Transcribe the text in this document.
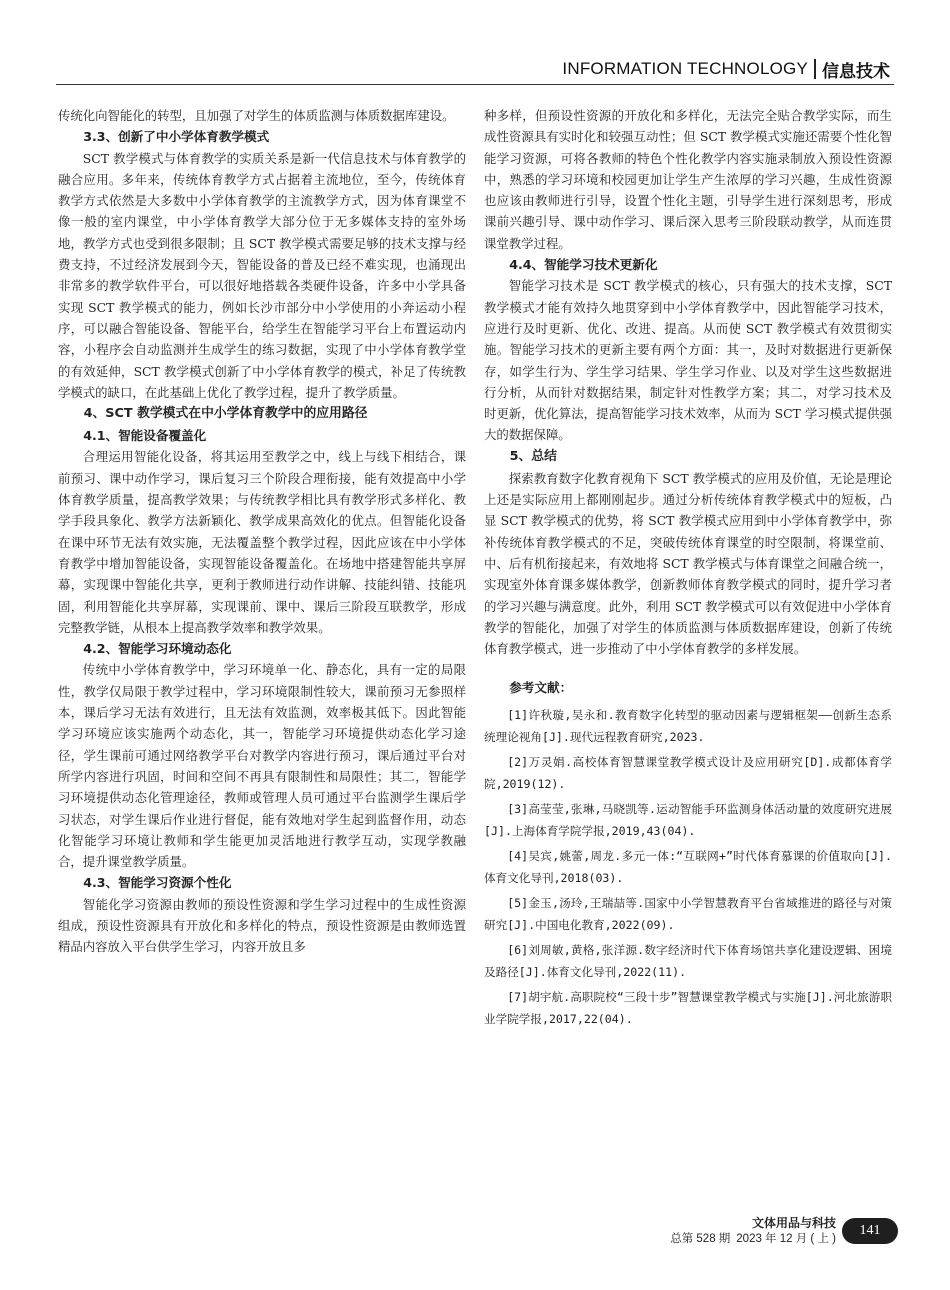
INFORMATION TECHNOLOGY 信息技术

传统化向智能化的转型，且加强了对学生的体质监测与体质数据库建设。

3.3、创新了中小学体育教学模式

SCT 教学模式与体育教学的实质关系是新一代信息技术与体育教学的融合应用。多年来，传统体育教学方式占据着主流地位，至今，传统体育教学方式依然是大多数中小学体育教学的主流教学方式，因为体育课堂不像一般的室内课堂，中小学体育教学大部分位于无多媒体支持的室外场地，教学方式也受到很多限制；且 SCT 教学模式需要足够的技术支撑与经费支持，不过经济发展到今天，智能设备的普及已经不难实现，也涌现出非常多的教学软件平台，可以很好地搭载各类硬件设备，许多中小学具备实现 SCT 教学模式的能力，例如长沙市部分中小学使用的小奔运动小程序，可以融合智能设备、智能平台，给学生在智能学习平台上布置运动内容，小程序会自动监测并生成学生的练习数据，实现了中小学体育教学堂的有效延伸，SCT 教学模式创新了中小学体育教学的模式，补足了传统教学模式的缺口，在此基础上优化了教学过程，提升了教学质量。

4、SCT 教学模式在中小学体育教学中的应用路径
4.1、智能设备覆盖化

合理运用智能化设备，将其运用至教学之中，线上与线下相结合，课前预习、课中动作学习，课后复习三个阶段合理衔接，能有效提高中小学体育教学质量，提高教学效果；与传统教学相比具有教学形式多样化、教学手段具象化、教学方法新颖化、教学成果高效化的优点。但智能化设备在课中环节无法有效实施，无法覆盖整个教学过程，因此应该在中小学体育教学中增加智能设备，实现智能设备覆盖化。在场地中搭建智能共享屏幕，实现课中智能化共享，更利于教师进行动作讲解、技能纠错、技能巩固，利用智能化共享屏幕，实现课前、课中、课后三阶段互联教学，形成完整教学链，从根本上提高教学效率和教学效果。

4.2、智能学习环境动态化

传统中小学体育教学中，学习环境单一化、静态化，具有一定的局限性，教学仅局限于教学过程中，学习环境限制性较大，课前预习无参照样本，课后学习无法有效进行，且无法有效监测，效率极其低下。因此智能学习环境应该实施两个动态化，其一，智能学习环境提供动态化学习途径，学生课前可通过网络教学平台对教学内容进行预习，课后通过平台对所学内容进行巩固，时间和空间不再具有限制性和局限性；其二，智能学习环境提供动态化管理途径，教师或管理人员可通过平台监测学生课后学习状态，对学生课后作业进行督促，能有效地对学生起到监督作用，动态化智能学习环境让教师和学生能更加灵活地进行教学互动，实现学教融合，提升课堂教学质量。

4.3、智能学习资源个性化

智能化学习资源由教师的预设性资源和学生学习过程中的生成性资源组成，预设性资源具有开放化和多样化的特点，预设性资源是由教师选置精品内容放入平台供学生学习，内容开放且多

种多样，但预设性资源的开放化和多样化，无法完全贴合教学实际，而生成性资源具有实时化和较强互动性；但 SCT 教学模式实施还需要个性化智能学习资源，可将各教师的特色个性化教学内容实施录制放入预设性资源中，熟悉的学习环境和校园更加让学生产生浓厚的学习兴趣，生成性资源也应该由教师进行引导，设置个性化主题，引导学生进行深刻思考，形成课前兴趣引导、课中动作学习、课后深入思考三阶段联动教学，从而连贯课堂教学过程。

4.4、智能学习技术更新化

智能学习技术是 SCT 教学模式的核心，只有强大的技术支撑，SCT 教学模式才能有效持久地贯穿到中小学体育教学中，因此智能学习技术，应进行及时更新、优化、改进、提高。从而使 SCT 教学模式有效贯彻实施。智能学习技术的更新主要有两个方面：其一，及时对数据进行更新保存，如学生行为、学生学习结果、学生学习作业、以及对学生这些数据进行分析，从而针对数据结果，制定针对性教学方案；其二，对学习技术及时更新，优化算法，提高智能学习技术效率，从而为 SCT 学习模式提供强大的数据保障。

5、总结

探索教育数字化教育视角下 SCT 教学模式的应用及价值，无论是理论上还是实际应用上都刚刚起步。通过分析传统体育教学模式中的短板，凸显 SCT 教学模式的优势，将 SCT 教学模式应用到中小学体育教学中，弥补传统体育教学模式的不足，突破传统体育课堂的时空限制，将课堂前、中、后有机衔接起来，有效地将 SCT 教学模式与体育课堂之间融合统一，实现室外体育课多媒体教学，创新教师体育教学模式的同时，提升学习者的学习兴趣与满意度。此外，利用 SCT 教学模式可以有效促进中小学体育教学的智能化，加强了对学生的体质监测与体质数据库建设，创新了传统体育教学模式，进一步推动了中小学体育教学的多样发展。

参考文献：

[1]许秋璇,吴永和.教育数字化转型的驱动因素与逻辑框架——创新生态系统理论视角[J].现代远程教育研究,2023.

[2]万灵娟.高校体育智慧课堂教学模式设计及应用研究[D].成都体育学院,2019(12).

[3]高莹莹,张琳,马晓凯等.运动智能手环监测身体活动量的效度研究进展[J].上海体育学院学报,2019,43(04).

[4]吴宾,姚蕾,周龙.多元一体:“互联网+”时代体育慕课的价值取向[J].体育文化导刊,2018(03).

[5]金玉,汤玲,王瑞喆等.国家中小学智慧教育平台省域推进的路径与对策研究[J].中国电化教育,2022(09).

[6]刘周敏,黄格,张洋源.数字经济时代下体育场馆共享化建设逻辑、困境及路径[J].体育文化导刊,2022(11).

[7]胡宇航.高职院校“三段十步”智慧课堂教学模式与实施[J].河北旅游职业学院学报,2017,22(04).

文体用品与科技
总第 528 期 2023 年 12 月 ( 上 )
141
